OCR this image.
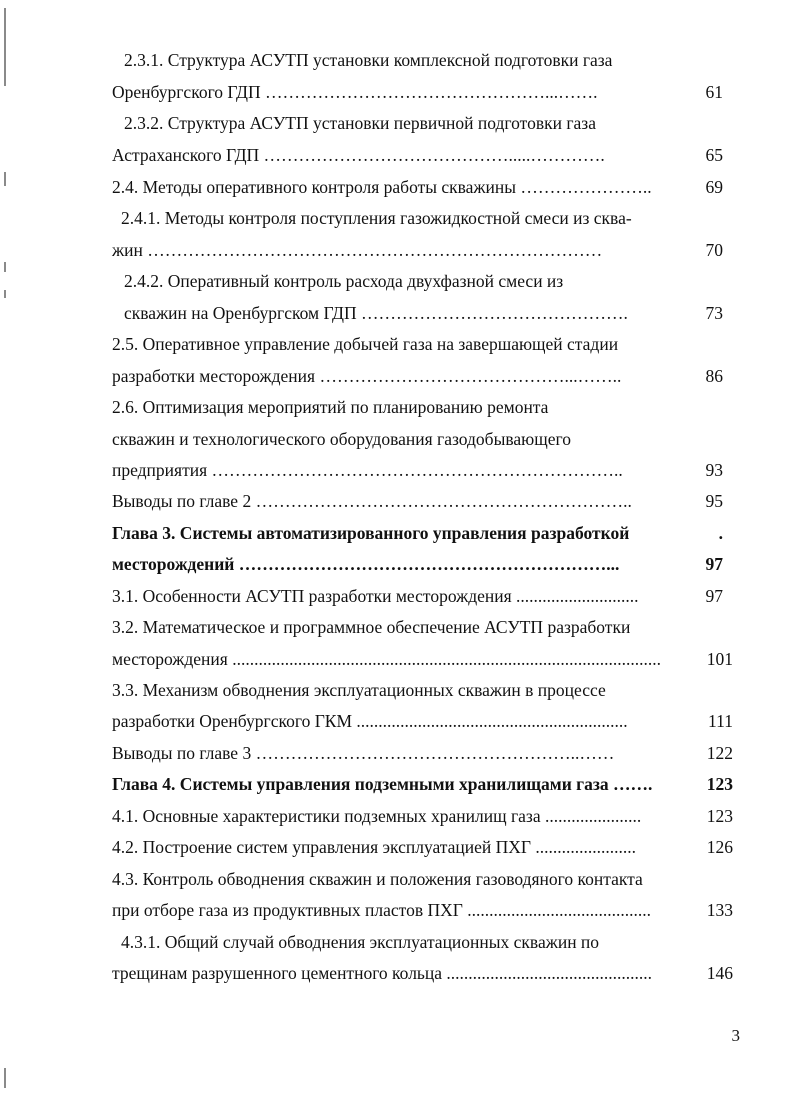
2.3.1. Структура АСУТП установки комплексной подготовки газа
Оренбургского ГДП …………………………………………...…….	61
2.3.2. Структура АСУТП установки первичной подготовки газа
Астраханского ГДП …………………………………….....………….	65
2.4. Методы оперативного контроля работы скважины …………………..	69
2.4.1. Методы контроля поступления газожидкостной смеси из сква-
жин ……………………………………………………………………	70
2.4.2. Оперативный контроль расхода двухфазной смеси из
скважин на Оренбургском ГДП ……………………………………….	73
2.5. Оперативное управление добычей газа на завершающей стадии
разработки месторождения ……………………………………...……..	86
2.6. Оптимизация мероприятий по планированию ремонта
скважин и технологического оборудования газодобывающего
предприятия ……………………………………………………………..	93
Выводы по главе 2 ………………………………………………………..	95
Глава 3. Системы автоматизированного управления разработкой	.
месторождений ………………………………………………………...	97
3.1. Особенности АСУТП разработки месторождения ............................	97
3.2. Математическое и программное обеспечение АСУТП разработки
месторождения ..................................................................................................	101
3.3. Механизм обводнения эксплуатационных скважин в процессе
разработки Оренбургского ГКМ ..............................................................	111
Выводы по главе 3 ………………………………………………..……	122
Глава 4. Системы управления подземными хранилищами газа …….	123
4.1. Основные характеристики подземных хранилищ газа ......................	123
4.2. Построение систем управления эксплуатацией ПХГ .......................	126
4.3. Контроль обводнения скважин и положения газоводяного контакта
при отборе газа из продуктивных пластов ПХГ ..........................................	133
4.3.1. Общий случай обводнения эксплуатационных скважин по
трещинам разрушенного цементного кольца ...............................................	146
3
